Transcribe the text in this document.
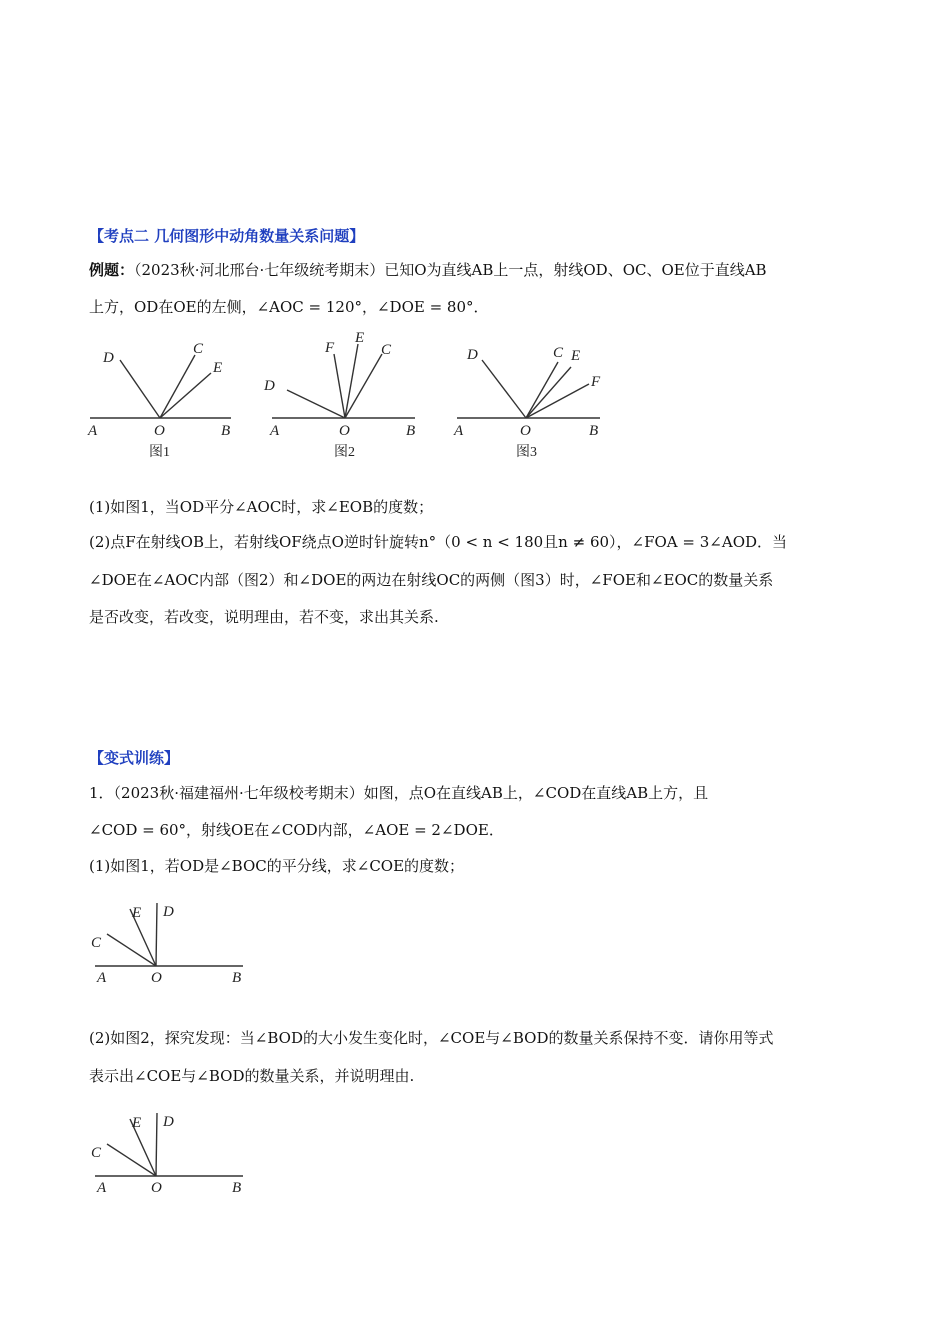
【考点二 几何图形中动角数量关系问题】
例题：（2023秋·河北邢台·七年级统考期末）已知O为直线AB上一点，射线OD、OC、OE位于直线AB
上方，OD在OE的左侧，∠AOC = 120°，∠DOE = 80°．
D
C
E
A	O	B
图1
D
F
E
C
A	O	B
图2
D	C E
F
A	O	B
图3
(1)如图1，当OD平分∠AOC时，求∠EOB的度数；
(2)点F在射线OB上，若射线OF绕点O逆时针旋转n°（0 < n < 180且n ≠ 60），∠FOA = 3∠AOD．当
∠DOE在∠AOC内部（图2）和∠DOE的两边在射线OC的两侧（图3）时，∠FOE和∠EOC的数量关系
是否改变，若改变，说明理由，若不变，求出其关系.
【变式训练】
1．（2023秋·福建福州·七年级校考期末）如图，点O在直线AB上，∠COD在直线AB上方，且
∠COD = 60°，射线OE在∠COD内部，∠AOE = 2∠DOE．
(1)如图1，若OD是∠BOC的平分线，求∠COE的度数；
C
E D
A	O	B
(2)如图2，探究发现：当∠BOD的大小发生变化时，∠COE与∠BOD的数量关系保持不变．请你用等式
表示出∠COE与∠BOD的数量关系，并说明理由.
C
E D
A	O	B
